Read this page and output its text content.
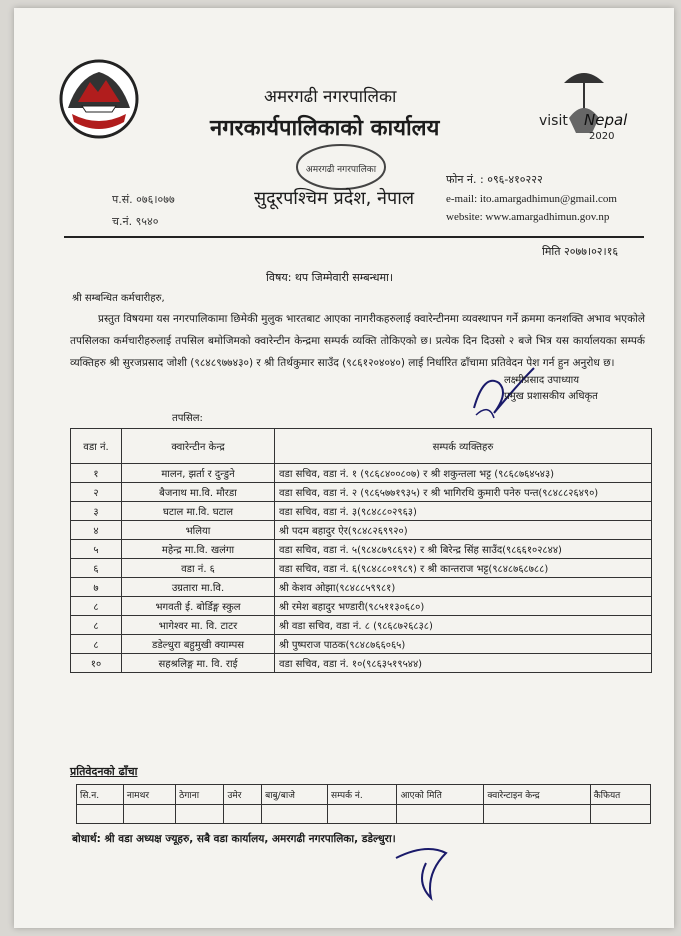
visit Nepal
2020
अमरगढी नगरपालिका
नगरकार्यपालिकाको कार्यालय
अमरगढी नगरपालिका
सुदूरपश्चिम प्रदेश, नेपाल
प.सं. ०७६।०७७
च.नं. ९५४०
फोन नं. : ०९६-४१०२२२
e-mail: ito.amargadhimun@gmail.com
website: www.amargadhimun.gov.np
मिति २०७७।०२।१६
विषय: थप जिम्मेवारी सम्बन्धमा।
श्री सम्बन्धित कर्मचारीहरु,
प्रस्तुत विषयमा यस नगरपालिकामा छिमेकी मुलुक भारतबाट आएका नागरीकहरुलाई क्वारेन्टीनमा व्यवस्थापन गर्ने क्रममा कनशक्ति अभाव भएकोले तपसिलका कर्मचारीहरुलाई तपसिल बमोजिमको क्वारेन्टीन केन्द्रमा सम्पर्क व्यक्ति तोकिएको छ। प्रत्येक दिन दिउसो २ बजे भित्र यस कार्यालयका सम्पर्क व्यक्तिहरु श्री सुरजप्रसाद जोशी (९८४८९७७४३०) र श्री तिर्थकुमार साउँद (९८६१२०४०४०) लाई निर्धारित ढाँचामा प्रतिवेदन पेश गर्न हुन अनुरोध छ।
लक्ष्मीप्रसाद उपाध्याय
प्रमुख प्रशासकीय अधिकृत
तपसिल:
वडा नं.	क्वारेन्टीन केन्द्र	सम्पर्क व्यक्तिहरु
१	मालन, झर्ता र दुन्डुने	वडा सचिव, वडा नं. १ (९८६८४००८०७) र श्री शकुन्तला भट्ट (९८६८७६४५४३)
२	बैजनाथ मा.वि. मौरडा	वडा सचिव, वडा नं. २ (९८६५७७१९३५) र श्री भागिरथि कुमारी पनेरु पन्त(९८४८८२६४९०)
३	घटाल मा.वि. घटाल	वडा सचिव, वडा नं. ३(९८४८८०२९६३)
४	भलिया	श्री पदम बहादुर ऐर(९८४८२६९९२०)
५	महेन्द्र मा.वि. खलंगा	वडा सचिव, वडा नं. ५(९८४८७९८६९२) र श्री बिरेन्द्र सिंह साउँद(९८६६१०२८४४)
६	वडा नं. ६	वडा सचिव, वडा नं. ६(९८४८८०१९८९) र श्री कान्तराज भट्ट(९८४८७६८७८८)
७	उग्रतारा मा.वि.	श्री केशव ओझा(९८४८८५९९८१)
८	भगवती ई. बोर्डिङ्ग स्कुल	श्री रमेश बहादुर भण्डारी(९८५११३०६८०)
८	भागेश्वर मा. वि. टाटर	श्री वडा सचिव, वडा नं. ८ (९८६८७२६८३८)
८	डडेल्धुरा बहुमुखी क्याम्पस	श्री पुष्पराज पाठक(९८४८७६६०६५)
१०	सहश्रलिङ्ग मा. वि. राई	वडा सचिव, वडा नं. १०(९८६३५१९५४४)
प्रतिवेदनको ढाँचा
सि.न.	नामथर	ठेगाना	उमेर	बाबु/बाजे	सम्पर्क नं.	आएको मिति	क्वारेन्टाइन केन्द्र	कैफियत

बोधार्थ: श्री वडा अध्यक्ष ज्यूहरु, सबै वडा कार्यालय, अमरगढी नगरपालिका, डडेल्धुरा।
